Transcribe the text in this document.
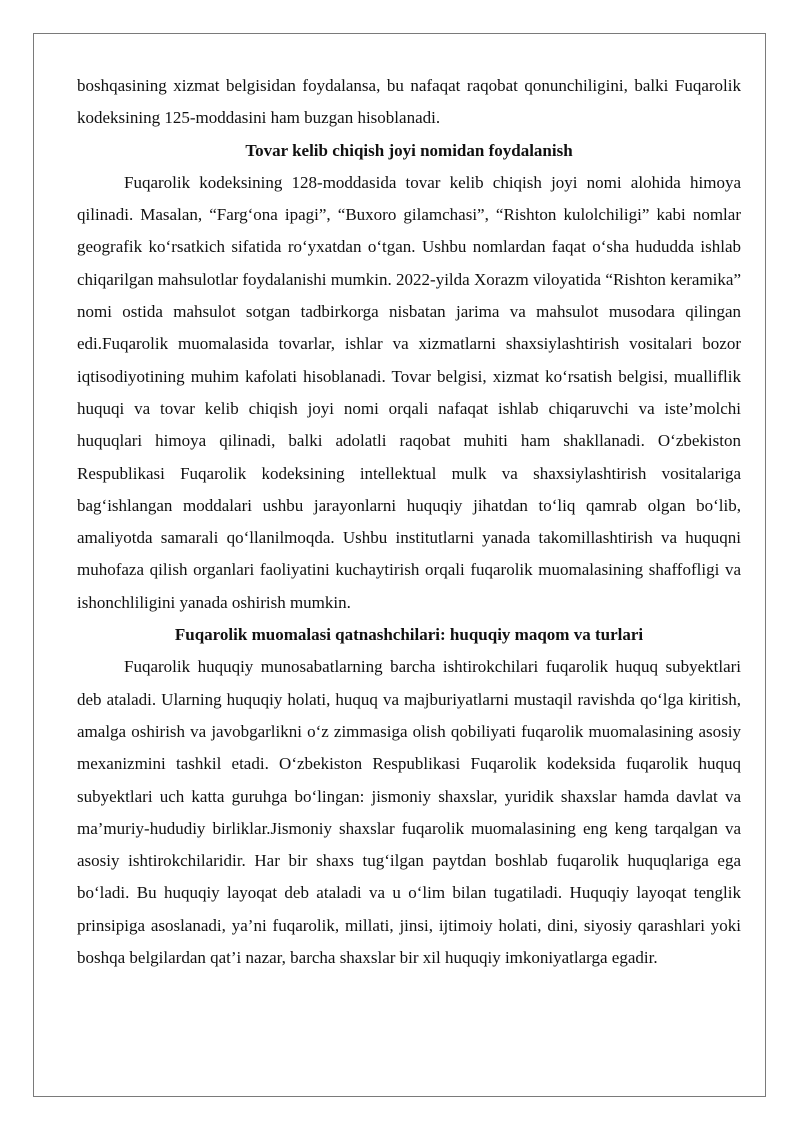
boshqasining xizmat belgisidan foydalansa, bu nafaqat raqobat qonunchiligini, balki Fuqarolik kodeksining 125-moddasini ham buzgan hisoblanadi.

Tovar kelib chiqish joyi nomidan foydalanish

Fuqarolik kodeksining 128-moddasida tovar kelib chiqish joyi nomi alohida himoya qilinadi. Masalan, “Farg‘ona ipagi”, “Buxoro gilamchasi”, “Rishton kulolchiligi” kabi nomlar geografik ko‘rsatkich sifatida ro‘yxatdan o‘tgan. Ushbu nomlardan faqat o‘sha hududda ishlab chiqarilgan mahsulotlar foydalanishi mumkin. 2022-yilda Xorazm viloyatida “Rishton keramika” nomi ostida mahsulot sotgan tadbirkorga nisbatan jarima va mahsulot musodara qilingan edi.Fuqarolik muomalasida tovarlar, ishlar va xizmatlarni shaxsiylashtirish vositalari bozor iqtisodiyotining muhim kafolati hisoblanadi. Tovar belgisi, xizmat ko‘rsatish belgisi, mualliflik huquqi va tovar kelib chiqish joyi nomi orqali nafaqat ishlab chiqaruvchi va iste’molchi huquqlari himoya qilinadi, balki adolatli raqobat muhiti ham shakllanadi. O‘zbekiston Respublikasi Fuqarolik kodeksining intellektual mulk va shaxsiylashtirish vositalariga bag‘ishlangan moddalari ushbu jarayonlarni huquqiy jihatdan to‘liq qamrab olgan bo‘lib, amaliyotda samarali qo‘llanilmoqda. Ushbu institutlarni yanada takomillashtirish va huquqni muhofaza qilish organlari faoliyatini kuchaytirish orqali fuqarolik muomalasining shaffofligi va ishonchliligini yanada oshirish mumkin.

Fuqarolik muomalasi qatnashchilari: huquqiy maqom va turlari

Fuqarolik huquqiy munosabatlarning barcha ishtirokchilari fuqarolik huquq subyektlari deb ataladi. Ularning huquqiy holati, huquq va majburiyatlarni mustaqil ravishda qo‘lga kiritish, amalga oshirish va javobgarlikni o‘z zimmasiga olish qobiliyati fuqarolik muomalasining asosiy mexanizmini tashkil etadi. O‘zbekiston Respublikasi Fuqarolik kodeksida fuqarolik huquq subyektlari uch katta guruhga bo‘lingan: jismoniy shaxslar, yuridik shaxslar hamda davlat va ma’muriy-hududiy birliklar.Jismoniy shaxslar fuqarolik muomalasining eng keng tarqalgan va asosiy ishtirokchilaridir. Har bir shaxs tug‘ilgan paytdan boshlab fuqarolik huquqlariga ega bo‘ladi. Bu huquqiy layoqat deb ataladi va u o‘lim bilan tugatiladi. Huquqiy layoqat tenglik prinsipiga asoslanadi, ya’ni fuqarolik, millati, jinsi, ijtimoiy holati, dini, siyosiy qarashlari yoki boshqa belgilardan qat’i nazar, barcha shaxslar bir xil huquqiy imkoniyatlarga egadir.
